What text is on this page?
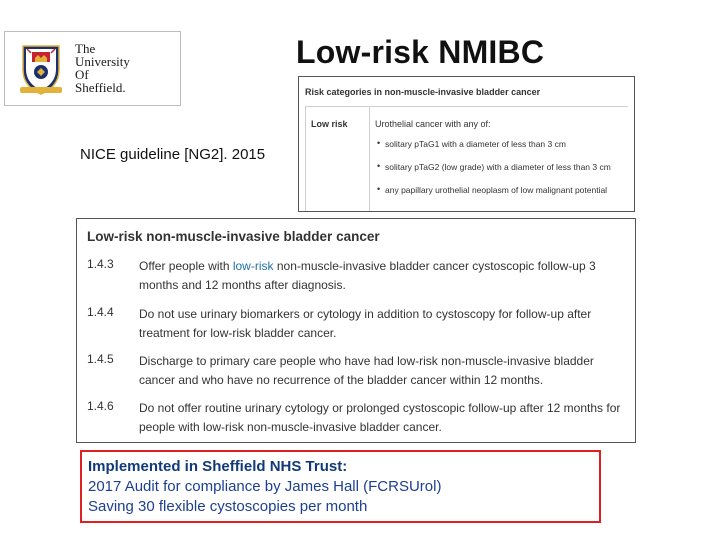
The
University
Of
Sheffield.
Low-risk NMIBC
NICE guideline [NG2]. 2015
Risk categories in non-muscle-invasive bladder cancer
Low risk	Urothelial cancer with any of:
• solitary pTaG1 with a diameter of less than 3 cm
• solitary pTaG2 (low grade) with a diameter of less than 3 cm
• any papillary urothelial neoplasm of low malignant potential
Low-risk non-muscle-invasive bladder cancer
1.4.3 Offer people with low-risk non-muscle-invasive bladder cancer cystoscopic follow-up 3 months and 12 months after diagnosis.
1.4.4 Do not use urinary biomarkers or cytology in addition to cystoscopy for follow-up after treatment for low-risk bladder cancer.
1.4.5 Discharge to primary care people who have had low-risk non-muscle-invasive bladder cancer and who have no recurrence of the bladder cancer within 12 months.
1.4.6 Do not offer routine urinary cytology or prolonged cystoscopic follow-up after 12 months for people with low-risk non-muscle-invasive bladder cancer.
Implemented in Sheffield NHS Trust:
2017 Audit for compliance by James Hall (FCRSUrol)
Saving 30 flexible cystoscopies per month
